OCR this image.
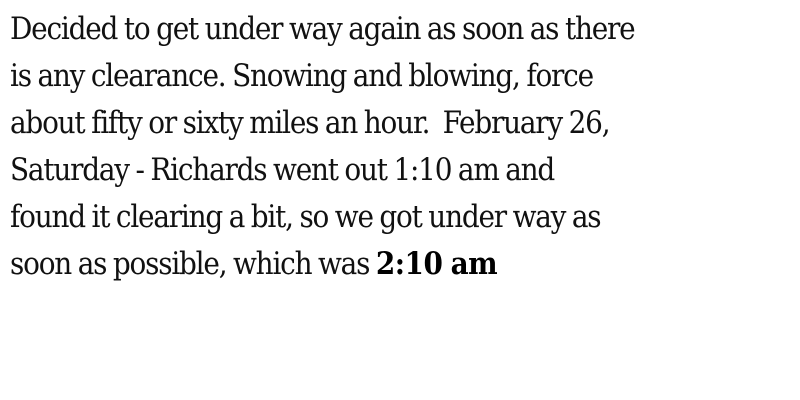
Decided to get under way again as soon as there
is any clearance. Snowing and blowing, force
about fifty or sixty miles an hour.  February 26,
Saturday - Richards went out 1:10 am and
found it clearing a bit, so we got under way as
soon as possible, which was 2:10 am
